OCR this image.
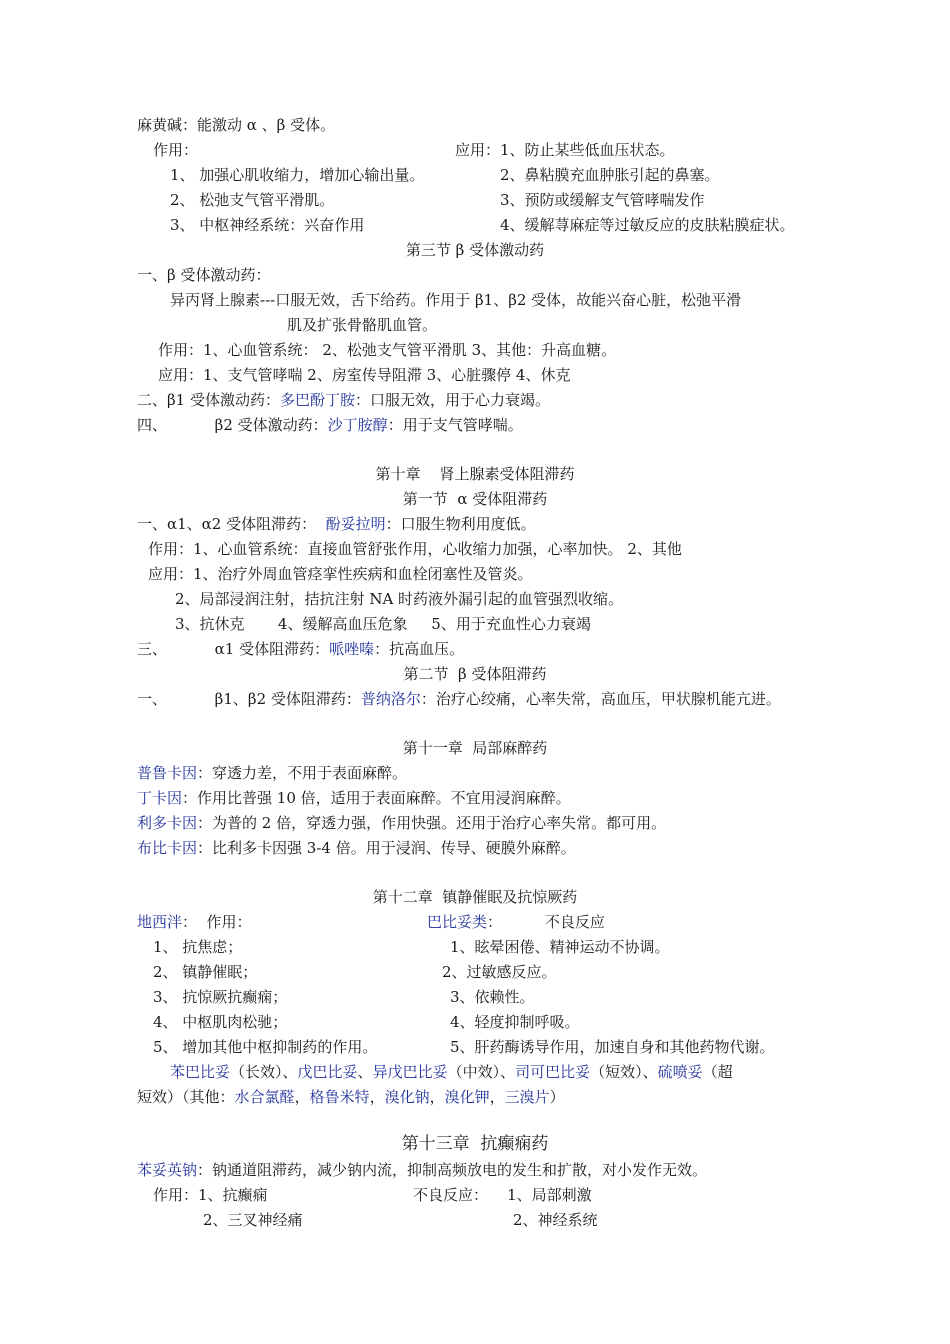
麻黄碱：能激动 α 、β 受体。
作用：	应用：1、防止某些低血压状态。
1、 加强心肌收缩力，增加心输出量。	2、鼻粘膜充血肿胀引起的鼻塞。
2、 松弛支气管平滑肌。	3、预防或缓解支气管哮喘发作
3、 中枢神经系统：兴奋作用	4、缓解荨麻症等过敏反应的皮肤粘膜症状。
第三节 β 受体激动药
一、β 受体激动药：
异丙肾上腺素---口服无效，舌下给药。作用于 β1、β2 受体，故能兴奋心脏，松弛平滑
肌及扩张骨骼肌血管。
作用：1、心血管系统： 2、松弛支气管平滑肌 3、其他：升高血糖。
应用：1、支气管哮喘 2、房室传导阻滞 3、心脏骤停 4、休克
二、β1 受体激动药：多巴酚丁胺：口服无效，用于心力衰竭。
四、          β2 受体激动药：沙丁胺醇：用于支气管哮喘。
第十章    肾上腺素受体阻滞药
第一节  α 受体阻滞药
一、α1、α2 受体阻滞药：  酚妥拉明：口服生物利用度低。
作用：1、心血管系统：直接血管舒张作用，心收缩力加强，心率加快。 2、其他
应用：1、治疗外周血管痉挛性疾病和血栓闭塞性及管炎。
2、局部浸润注射，拮抗注射 NA 时药液外漏引起的血管强烈收缩。
3、抗休克       4、缓解高血压危象     5、用于充血性心力衰竭
三、          α1 受体阻滞药：哌唑嗪：抗高血压。
第二节  β 受体阻滞药
一、          β1、β2 受体阻滞药：普纳洛尔：治疗心绞痛，心率失常，高血压，甲状腺机能亢进。
第十一章  局部麻醉药
普鲁卡因：穿透力差，不用于表面麻醉。
丁卡因：作用比普强 10 倍，适用于表面麻醉。不宜用浸润麻醉。
利多卡因：为普的 2 倍，穿透力强，作用快强。还用于治疗心率失常。都可用。
布比卡因：比利多卡因强 3-4 倍。用于浸润、传导、硬膜外麻醉。
第十二章  镇静催眠及抗惊厥药
地西泮：  作用：	巴比妥类：         不良反应
1、 抗焦虑；	1、眩晕困倦、精神运动不协调。
2、 镇静催眠；	2、过敏感反应。
3、 抗惊厥抗癫痫；	3、依赖性。
4、 中枢肌肉松驰；	4、轻度抑制呼吸。
5、 增加其他中枢抑制药的作用。	5、肝药酶诱导作用，加速自身和其他药物代谢。
苯巴比妥（长效）、戊巴比妥、异戊巴比妥（中效）、司可巴比妥（短效）、硫喷妥（超
短效）（其他：水合氯醛，格鲁米特，溴化钠，溴化钾，三溴片）
第十三章  抗癫痫药
苯妥英钠：钠通道阻滞药，减少钠内流，抑制高频放电的发生和扩散，对小发作无效。
作用：1、抗癫痫	不良反应：    1、局部刺激
2、三叉神经痛	2、神经系统
